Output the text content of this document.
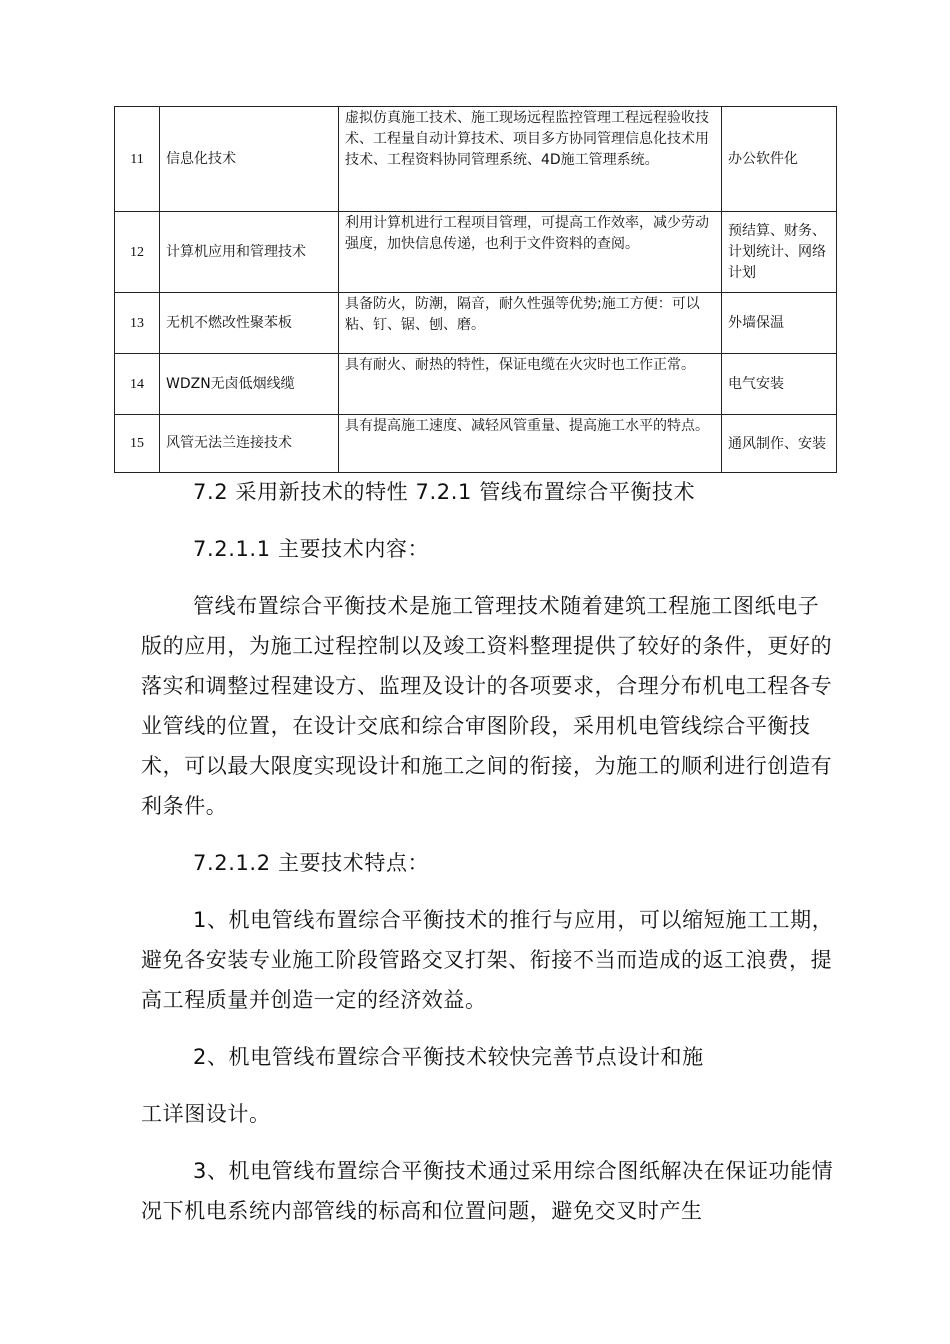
11	信息化技术	虚拟仿真施工技术、施工现场远程监控管理工程远程验收技术、工程量自动计算技术、项目多方协同管理信息化技术用技术、工程资料协同管理系统、4D施工管理系统。	办公软件化
12	计算机应用和管理技术	利用计算机进行工程项目管理，可提高工作效率，减少劳动强度，加快信息传递，也利于文件资料的查阅。	预结算、财务、计划统计、网络计划
13	无机不燃改性聚苯板	具备防火，防潮，隔音，耐久性强等优势;施工方便：可以粘、钉、锯、刨、磨。	外墙保温
14	WDZN无卤低烟线缆	具有耐火、耐热的特性，保证电缆在火灾时也工作正常。	电气安装
15	风管无法兰连接技术	具有提高施工速度、减轻风管重量、提高施工水平的特点。	通风制作、安装

7.2 采用新技术的特性 7.2.1 管线布置综合平衡技术

7.2.1.1 主要技术内容：

管线布置综合平衡技术是施工管理技术随着建筑工程施工图纸电子版的应用，为施工过程控制以及竣工资料整理提供了较好的条件，更好的落实和调整过程建设方、监理及设计的各项要求，合理分布机电工程各专业管线的位置，在设计交底和综合审图阶段，采用机电管线综合平衡技术，可以最大限度实现设计和施工之间的衔接，为施工的顺利进行创造有利条件。

7.2.1.2 主要技术特点：

1、机电管线布置综合平衡技术的推行与应用，可以缩短施工工期，避免各安装专业施工阶段管路交叉打架、衔接不当而造成的返工浪费，提高工程质量并创造一定的经济效益。

2、机电管线布置综合平衡技术较快完善节点设计和施

工详图设计。

3、机电管线布置综合平衡技术通过采用综合图纸解决在保证功能情况下机电系统内部管线的标高和位置问题，避免交叉时产生
